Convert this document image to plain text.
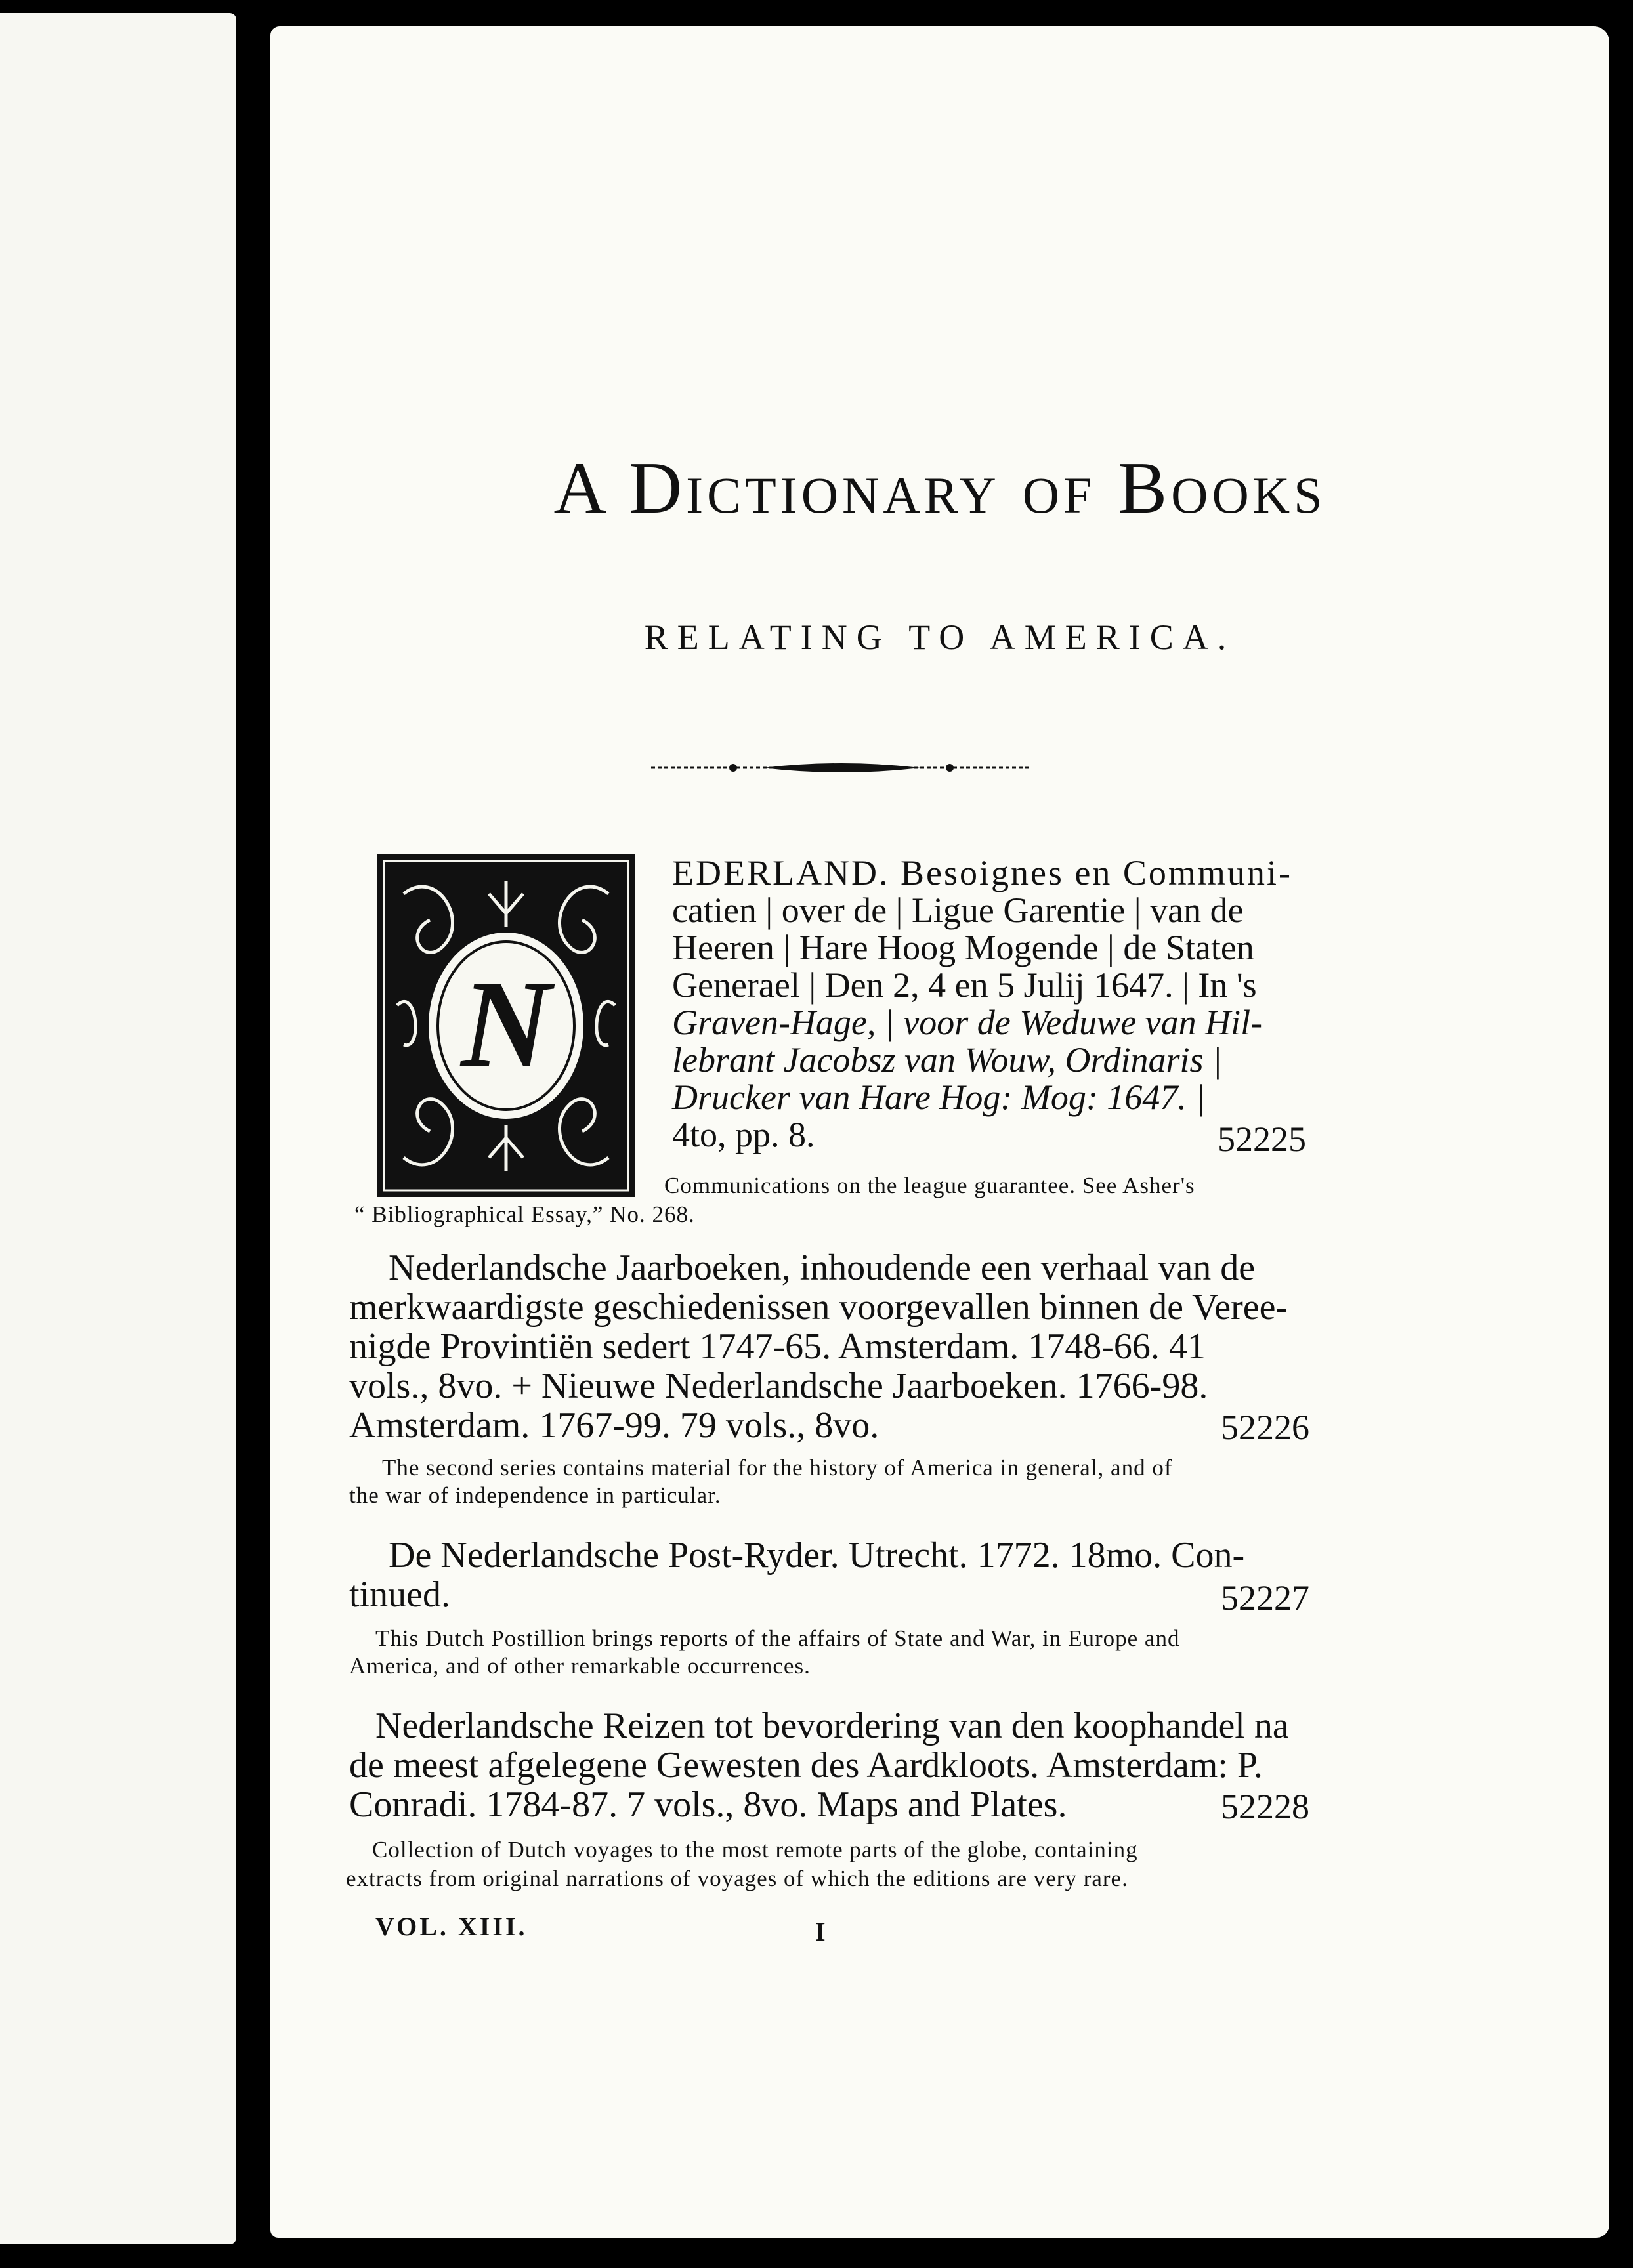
A Dictionary of Books
RELATING TO AMERICA.
N
EDERLAND. Besoignes en Communi-
catien | over de | Ligue Garentie | van de
Heeren | Hare Hoog Mogende | de Staten
Generael | Den 2, 4 en 5 Julij 1647. | In 's
Graven-Hage, | voor de Weduwe van Hil-
lebrant Jacobsz van Wouw, Ordinaris |
Drucker van Hare Hog: Mog: 1647. |
4to, pp. 8.	52225
Communications on the league guarantee. See Asher's
“ Bibliographical Essay,” No. 268.
Nederlandsche Jaarboeken, inhoudende een verhaal van de
merkwaardigste geschiedenissen voorgevallen binnen de Veree-
nigde Provintiën sedert 1747-65. Amsterdam. 1748-66. 41
vols., 8vo. + Nieuwe Nederlandsche Jaarboeken. 1766-98.
Amsterdam. 1767-99. 79 vols., 8vo.	52226
The second series contains material for the history of America in general, and of
the war of independence in particular.
De Nederlandsche Post-Ryder. Utrecht. 1772. 18mo. Con-
tinued.	52227
This Dutch Postillion brings reports of the affairs of State and War, in Europe and
America, and of other remarkable occurrences.
Nederlandsche Reizen tot bevordering van den koophandel na
de meest afgelegene Gewesten des Aardkloots. Amsterdam: P.
Conradi. 1784-87. 7 vols., 8vo. Maps and Plates.	52228
Collection of Dutch voyages to the most remote parts of the globe, containing
extracts from original narrations of voyages of which the editions are very rare.
VOL. XIII.	I
